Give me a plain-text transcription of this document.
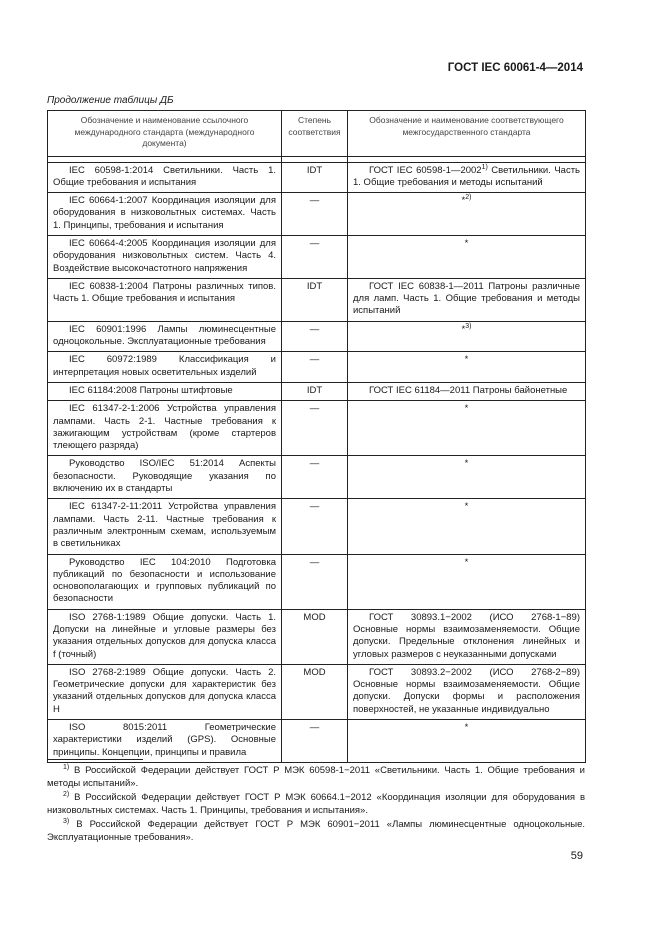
ГОСТ IEC 60061-4—2014
Продолжение таблицы ДБ
Обозначение и наименование ссылочного международного стандарта (международного документа)	Степень соответствия	Обозначение и наименование соответствующего межгосударственного стандарта

IEC 60598-1:2014 Светильники. Часть 1. Общие требования и испытания	IDT	ГОСТ IEC 60598-1—2002$^{1)}$ Светильники. Часть 1. Общие требования и методы испытаний
IEC 60664-1:2007 Координация изоляции для оборудования в низковольтных системах. Часть 1. Принципы, требования и испытания	—	*$^{2)}$
IEC 60664-4:2005 Координация изоляции для оборудования низковольтных систем. Часть 4. Воздействие высокочастотного напряжения	—	*
IEC 60838-1:2004 Патроны различных типов. Часть 1. Общие требования и испытания	IDT	ГОСТ IEC 60838-1—2011 Патроны различные для ламп. Часть 1. Общие требования и методы испытаний
IEC 60901:1996 Лампы люминесцентные одноцокольные. Эксплуатационные требования	—	*$^{3)}$
IEC 60972:1989 Классификация и интерпретация новых осветительных изделий	—	*
IEC 61184:2008 Патроны штифтовые	IDT	ГОСТ IEC 61184—2011 Патроны байонетные
IEC 61347-2-1:2006 Устройства управления лампами. Часть 2-1. Частные требования к зажигающим устройствам (кроме стартеров тлеющего разряда)	—	*
Руководство ISO/IEC 51:2014 Аспекты безопасности. Руководящие указания по включению их в стандарты	—	*
IEC 61347-2-11:2011 Устройства управления лампами. Часть 2-11. Частные требования к различным электронным схемам, используемым в светильниках	—	*
Руководство IEC 104:2010 Подготовка публикаций по безопасности и использование основополагающих и групповых публикаций по безопасности	—	*
ISO 2768-1:1989 Общие допуски. Часть 1. Допуски на линейные и угловые размеры без указания отдельных допусков для допуска класса f (точный)	MOD	ГОСТ 30893.1−2002 (ИСО 2768-1−89) Основные нормы взаимозаменяемости. Общие допуски. Предельные отклонения линейных и угловых размеров с неуказанными допусками
ISO 2768-2:1989 Общие допуски. Часть 2. Геометрические допуски для характеристик без указаний отдельных допусков для допуска класса H	MOD	ГОСТ 30893.2−2002 (ИСО 2768-2−89) Основные нормы взаимозаменяемости. Общие допуски. Допуски формы и расположения поверхностей, не указанные индивидуально
ISO 8015:2011 Геометрические характеристики изделий (GPS). Основные принципы. Концепции, принципы и правила	—	*

$^{1)}$ В Российской Федерации действует ГОСТ Р МЭК 60598-1−2011 «Светильники. Часть 1. Общие требования и методы испытаний».

$^{2)}$ В Российской Федерации действует ГОСТ Р МЭК 60664.1−2012 «Координация изоляции для оборудования в низковольтных системах. Часть 1. Принципы, требования и испытания».

$^{3)}$ В Российской Федерации действует ГОСТ Р МЭК 60901−2011 «Лампы люминесцентные одноцокольные. Эксплуатационные требования».

59
